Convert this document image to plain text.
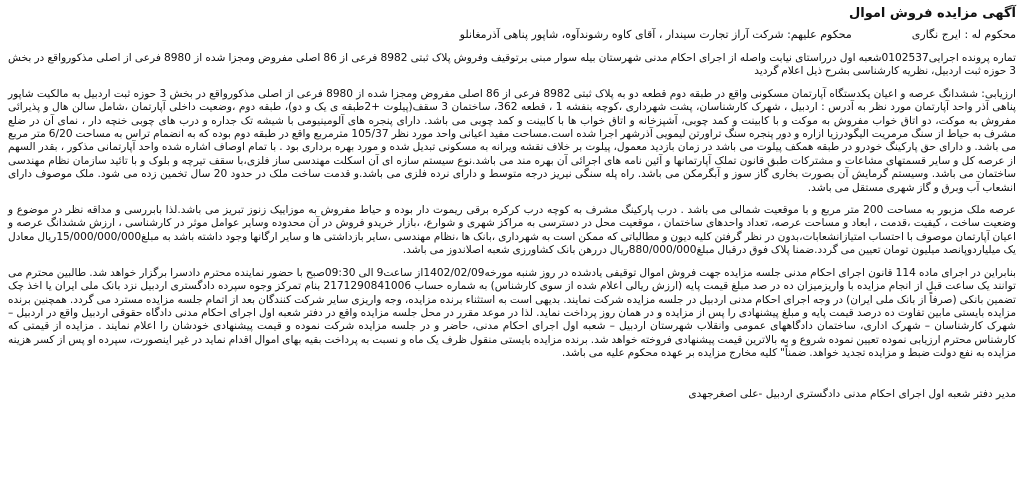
آگهی مزایده فروش اموال
محکوم له : ایرج نگاری
محکوم علیهم: شرکت آراز تجارت سیندار ، آقای کاوه رشوندآوه، شاپور پناهی آذرمغانلو

تماره پرونده اجرایی0102537شعبه اول درراستای نیابت واصله از اجرای احکام مدنی شهرستان بیله سوار مبنی برتوقیف وفروش پلاک ثبتی 8982 فرعی از 86 اصلی مفروض ومجزا شده از 8980 فرعی از اصلی مذکورواقع در بخش 3 حوزه ثبت اردبیل، نظریه کارشناسی بشرح ذیل اعلام گردید

ارزیابی: ششدانگ عرصه و اعیان یکدستگاه آپارتمان مسکونی واقع در طبقه دوم قطعه دو به پلاک ثبتی 8982 فرعی از 86 اصلی مفروض ومجزا شده از 8980 فرعی از اصلی مذکورواقع در بخش 3 حوزه ثبت اردبیل به مالکیت شاپور پناهی آذر واحد آپارتمان مورد نظر به آدرس : اردبیل ، شهرک کارشناسان، پشت شهرداری ،کوچه بنفشه 1 ، قطعه 362، ساختمان 3 سقف(پیلوت +2طبقه ی یک و دو)، طبقه دوم ،وضعیت داخلی آپارتمان ،شامل سالن هال و پذیرائی مفروش به موکت، دو اتاق خواب مفروش به موکت و با کابینت و کمد چوبی، آشپزخانه و اتاق خواب ها با کابینت و کمد چوبی می باشد. دارای پنجره های آلومینیومی با شیشه تک جداره و درب های چوبی خنچه دار ، نمای آن در ضلع مشرف به حیاط از سنگ مرمریت الیگودرزیا ازاره و دور پنجره سنگ تراورتن لیمویی آذرشهر اجرا شده است.مساحت مفید اعیانی واحد مورد نظر 105/37 مترمربع واقع در طبقه دوم بوده که به انضمام تراس به مساحت 6/20 متر مربع می باشد. و دارای حق پارکینگ خودرو در طبقه همکف پیلوت می باشد در زمان بازدید معمول، پیلوت بر خلاف نقشه ویرانه به مسکونی تبدیل شده و مورد بهره برداری بود . با تمام اوصاف اشاره شده واحد آپارتمانی مذکور ، بقدر السهم از عرصه کل و سایر قسمتهای مشاعات و مشترکات طبق قانون تملک آپارتمانها و آئین نامه های اجرائی آن بهره مند می باشد.نوع سیستم سازه ای آن اسکلت مهندسی ساز فلزی،با سقف تیرچه و بلوک و با تائید سازمان نظام مهندسی ساختمان می باشد. وسیستم گرمایش آن بصورت بخاری گاز سوز و آبگرمکن می باشد. راه پله سنگی نیریز درجه متوسط و دارای نرده فلزی می باشد.و قدمت ساخت ملک در حدود 20 سال تخمین زده می شود. ملک موصوف دارای انشعاب آب وبرق و گاز شهری مستقل می باشد.

عرصه ملک مزبور به مساحت 200 متر مربع و با موقعیت شمالی می باشد . درب پارکینگ مشرف به کوچه درب کرکره برقی ریموت دار بوده و حیاط مفروش به موزاییک زنوز تبریز می باشد.لذا بابررسی و مداقه نظر در موضوع و وضعیت ساخت ، کیفیت ،قدمت ، ابعاد و مساحت عرصه، تعداد واحدهای ساختمان ، موقعیت محل در دسترسی به مراکز شهری و شوارع، ،بازار خریدو فروش در آن محدوده وسایر عوامل موثر در کارشناسی ، ارزش ششدانگ عرصه و اعیان آپارتمان موصوف با احتساب امتیازانشعابات،بدون در نظر گرفتن کلیه دیون و مطالباتی که ممکن است به شهرداری ،بانک ها ،نظام مهندسی ،سایر بازداشتی ها و سایر ارگانها وجود داشته باشد به مبلغ15/000/000/000ریال معادل یک میلیاردوپانصد میلیون تومان تعیین می گردد.ضمنا پلاک فوق درقبال مبلغ880/000/000ریال دررهن بانک کشاورزی شعبه اصلاندوز می باشد.

بنابراین در اجرای ماده 114 قانون اجرای احکام مدنی جلسه مزایده جهت فروش اموال توقیفی یادشده در روز شنبه مورخه1402/02/09از ساعت9 الی 09:30صبح با حضور نماینده محترم دادسرا برگزار خواهد شد. طالبین محترم می توانند یک ساعت قبل از انجام مزایده با واریزمیزان ده در صد مبلغ قیمت پایه (ارزش ریالی اعلام شده از سوی کارشناس) به شماره حساب 2171290841006 بنام تمرکز وجوه سپرده دادگستری اردبیل نزد بانک ملی ایران یا اخذ چک تضمین بانکی (صرفاً از بانک ملی ایران) در وجه اجرای احکام مدنی اردبیل در جلسه مزایده شرکت نمایند. بدیهی است به استثناء برنده مزایده، وجه واریزی سایر شرکت کنندگان بعد از اتمام جلسه مزایده مسترد می گردد. همچنین برنده مزایده بایستی مابین تفاوت ده درصد قیمت پایه و مبلغ پیشنهادی را پس از مزایده و در همان روز پرداخت نماید. لذا در موعد مقرر در محل جلسه مزایده واقع در دفتر شعبه اول اجرای احکام مدنی دادگاه حقوقی اردبیل واقع در اردبیل – شهرک کارشناسان – شهرک اداری، ساختمان دادگاههای عمومی وانقلاب شهرستان اردبیل – شعبه اول اجرای احکام مدنی، حاضر و در جلسه مزایده شرکت نموده و قیمت پیشنهادی خودشان را اعلام نمایند . مزایده از قیمتی که کارشناس محترم ارزیابی نموده تعیین نموده شروع و به بالاترین قیمت پیشنهادی فروخته خواهد شد. برنده مزایده بایستی منقول ظرف یک ماه و نسبت به پرداخت بقیه بهای اموال اقدام نماید در غیر اینصورت، سپرده او پس از کسر هزینه مزایده به نفع دولت ضبط و مزایده تجدید خواهد. ضمناً" کلیه مخارج مزایده بر عهده محکوم علیه می باشد.

مدیر دفتر شعبه اول اجرای احکام مدنی دادگستری اردبیل -علی اصغرجهدی
